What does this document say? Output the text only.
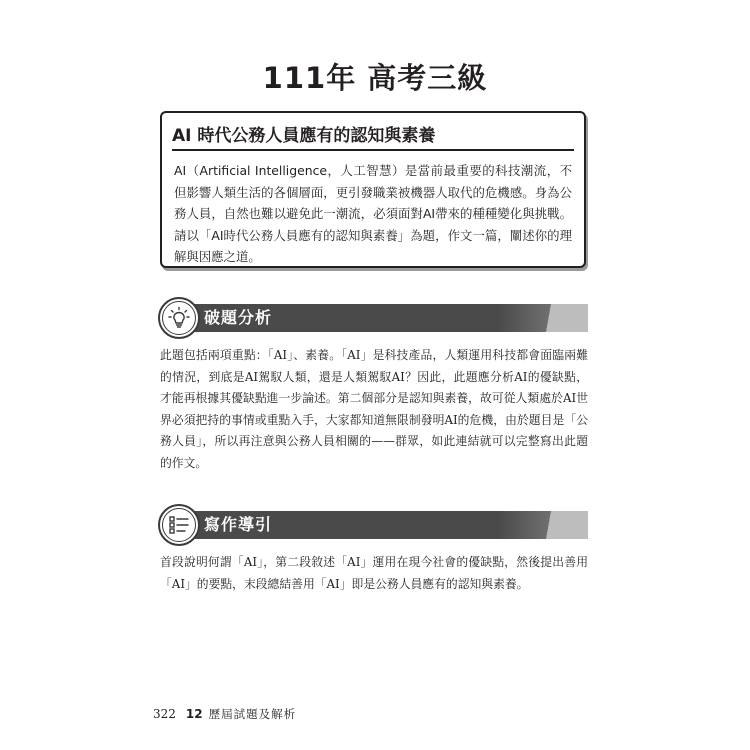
111年 高考三級
AI 時代公務人員應有的認知與素養
AI（Artificial Intelligence，人工智慧）是當前最重要的科技潮流，不但影響人類生活的各個層面，更引發職業被機器人取代的危機感。身為公務人員，自然也難以避免此一潮流，必須面對AI帶來的種種變化與挑戰。請以「AI時代公務人員應有的認知與素養」為題，作文一篇，闡述你的理解與因應之道。
破題分析
此題包括兩項重點：「AI」、素養。「AI」是科技產品，人類運用科技都會面臨兩難的情況，到底是AI駕馭人類，還是人類駕馭AI？因此，此題應分析AI的優缺點，才能再根據其優缺點進一步論述。第二個部分是認知與素養，故可從人類處於AI世界必須把持的事情或重點入手，大家都知道無限制發明AI的危機，由於題目是「公務人員」，所以再注意與公務人員相關的——群眾，如此連結就可以完整寫出此題的作文。
寫作導引
首段說明何謂「AI」，第二段敘述「AI」運用在現今社會的優缺點，然後提出善用「AI」的要點，末段總結善用「AI」即是公務人員應有的認知與素養。
322 12 歷屆試題及解析
